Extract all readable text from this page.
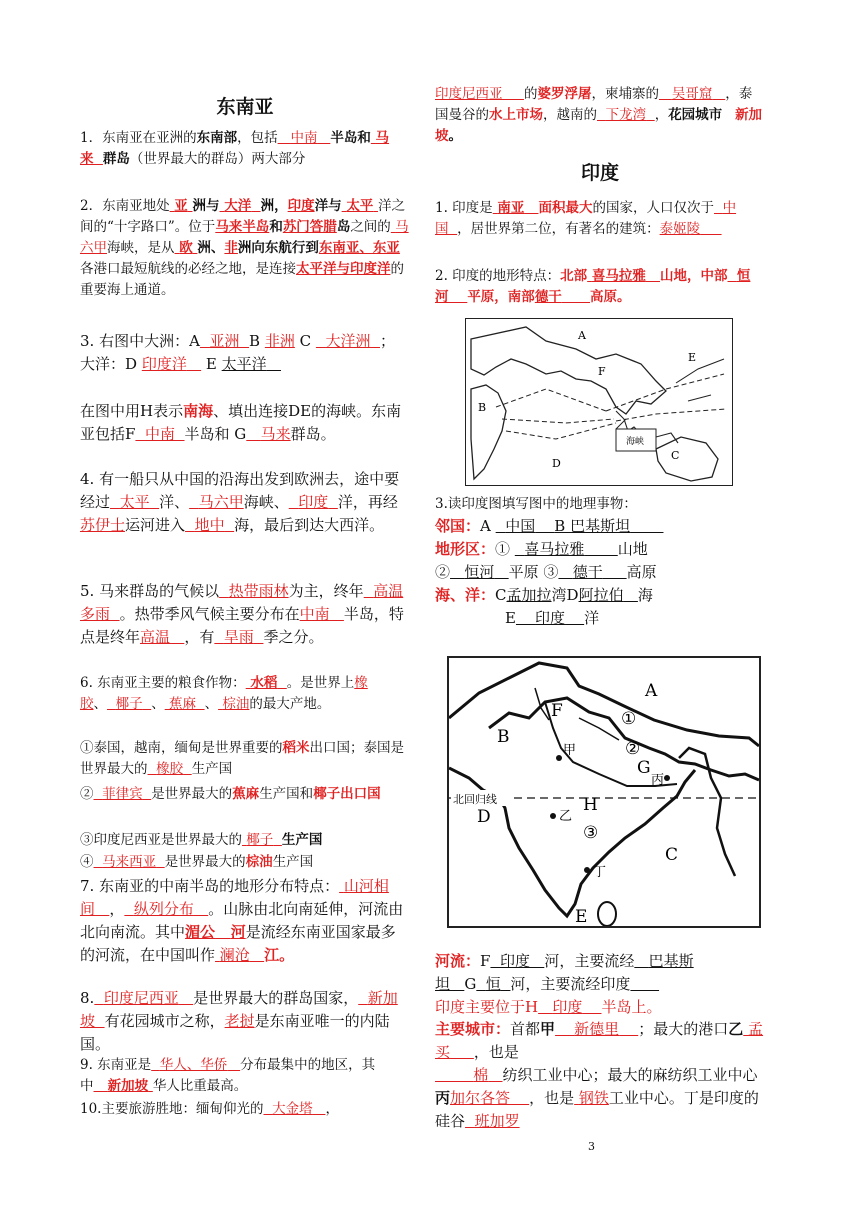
东南亚

1．东南亚在亚洲的东南部，包括 中南 半岛和 马来 群岛（世界最大的群岛）两大部分

2．东南亚地处 亚 洲与 大洋 洲，印度洋与 太平 洋之间的“十字路口”。位于马来半岛和苏门答腊岛之间的 马六甲海峡，是从 欧 洲、非洲向东航行到东南亚、东亚各港口最短航线的必经之地，是连接太平洋与印度洋的重要海上通道。

3. 右图中大洲：A 亚洲 B 非洲 C 大洋洲 ；大洋：D 印度洋 E 太平洋

在图中用H表示南海、填出连接DE的海峡。东南亚包括F 中南 半岛和 G 马来群岛。

4. 有一船只从中国的沿海出发到欧洲去，途中要经过 太平 洋、 马六甲海峡、 印度 洋，再经苏伊士运河进入 地中 海，最后到达大西洋。

5. 马来群岛的气候以 热带雨林为主，终年 高温多雨 。热带季风气候主要分布在中南 半岛，特点是终年高温 ，有 旱雨 季之分。

6. 东南亚主要的粮食作物： 水稻 。是世界上橡胶、 椰子 、 蕉麻 、 棕油的最大产地。

①泰国，越南，缅甸是世界重要的稻米出口国；泰国是世界最大的 橡胶 生产国

② 菲律宾 是世界最大的蕉麻生产国和椰子出口国

③印度尼西亚是世界最大的 椰子 生产国

④ 马来西亚 是世界最大的棕油生产国

7. 东南亚的中南半岛的地形分布特点： 山河相间 ， 纵列分布 。山脉由北向南延伸，河流由北向南流。其中湄公 河是流经东南亚国家最多的河流，在中国叫作 澜沧 江。

8. 印度尼西亚 是世界最大的群岛国家， 新加坡 有花园城市之称，老挝是东南亚唯一的内陆国。

9. 东南亚是 华人、华侨 分布最集中的地区，其中 新加坡 华人比重最高。

10.主要旅游胜地：缅甸仰光的 大金塔 ，

印度尼西亚 的婆罗浮屠，柬埔寨的 吴哥窟 ，泰国曼谷的水上市场，越南的 下龙湾 ，花园城市 新加坡。

印度

1. 印度是 南亚 面积最大的国家，人口仅次于 中国 ，居世界第二位，有著名的建筑：泰姬陵

2. 印度的地形特点：北部 喜马拉雅 山地，中部 恒河 平原，南部德干 高原。

海峡
A
B
C
D
E
F

3.读印度图填写图中的地理事物：

邻国：A 中国 B 巴基斯坦

地形区：① 喜马拉雅 山地
② 恒河 平原 ③ 德干 高原

海、洋：C孟加拉湾D阿拉伯 海
E 印度 洋

北回归线
A
B
C
D
E
F
G
H
①
②
③
甲
乙
丙
丁

河流：F 印度 河，主要流经 巴基斯坦 G 恒 河，主要流经印度
印度主要位于H 印度 半岛上。

主要城市：首都甲 新德里 ；最大的港口乙 孟买 ，也是
棉 纺织工业中心；最大的麻纺织工业中心丙加尔各答 ，也是 钢铁工业中心。丁是印度的硅谷 班加罗

3
